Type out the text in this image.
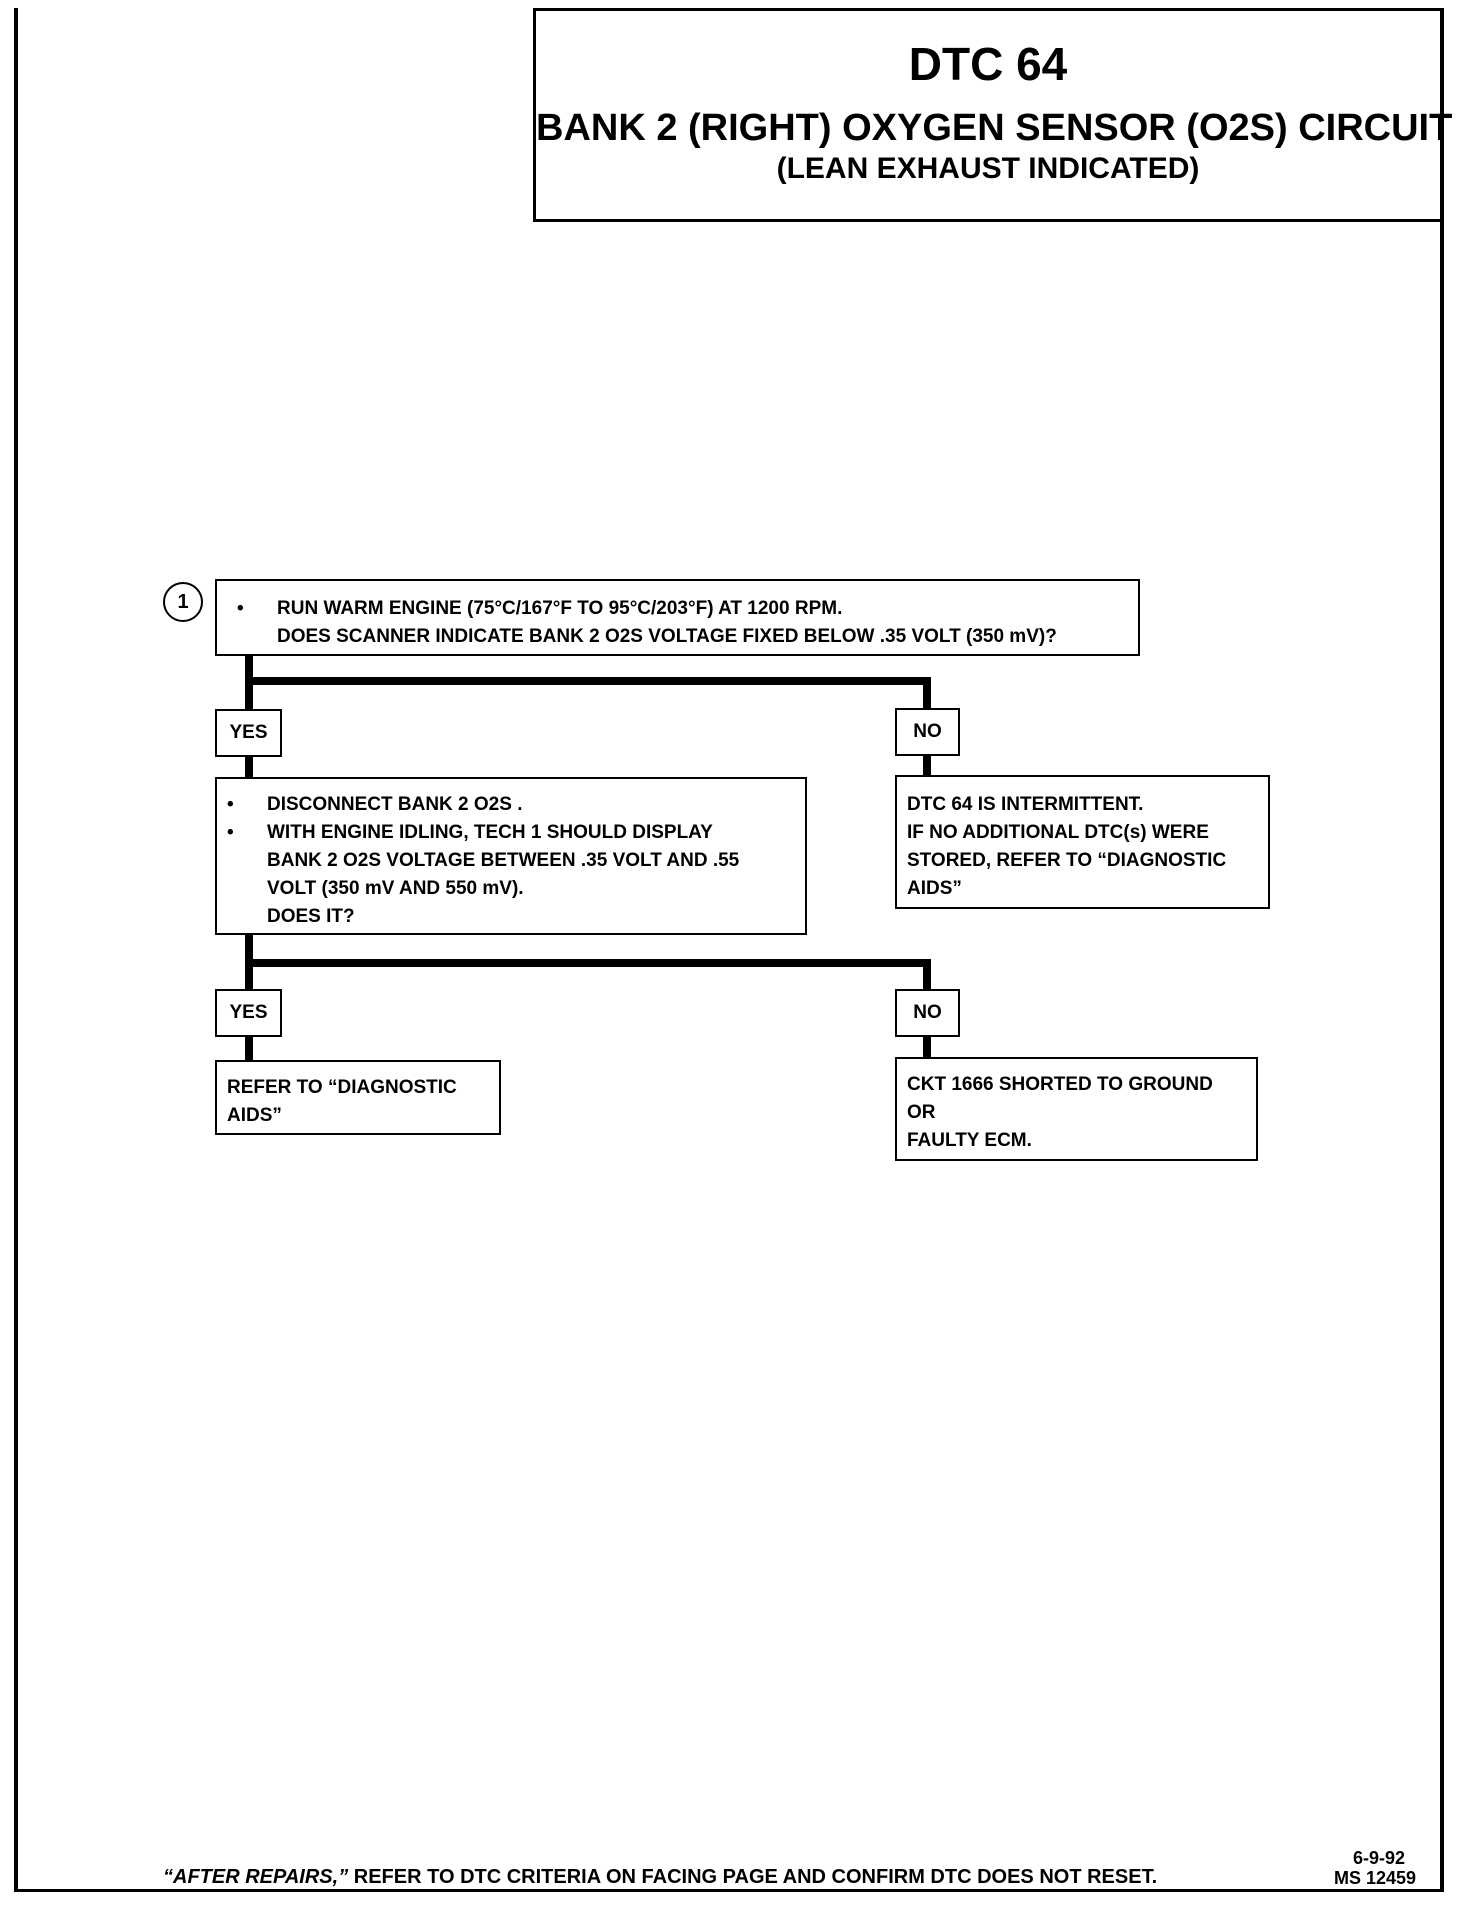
DTC 64
BANK 2 (RIGHT) OXYGEN SENSOR (O2S) CIRCUIT
(LEAN EXHAUST INDICATED)
1	•	RUN WARM ENGINE (75°C/167°F TO 95°C/203°F) AT 1200 RPM.
DOES SCANNER INDICATE BANK 2 O2S VOLTAGE FIXED BELOW .35 VOLT (350 mV)?
YES	NO
•	DISCONNECT BANK 2 O2S .
•	WITH ENGINE IDLING, TECH 1 SHOULD DISPLAY
BANK 2 O2S VOLTAGE BETWEEN .35 VOLT AND .55
VOLT (350 mV AND 550 mV).
DOES IT?
DTC 64 IS INTERMITTENT.
IF NO ADDITIONAL DTC(s) WERE
STORED, REFER TO “DIAGNOSTIC
AIDS”
YES	NO
REFER TO “DIAGNOSTIC
AIDS”
CKT 1666 SHORTED TO GROUND
OR
FAULTY ECM.
“AFTER REPAIRS,” REFER TO DTC CRITERIA ON FACING PAGE AND CONFIRM DTC DOES NOT RESET.
6-9-92
MS 12459
